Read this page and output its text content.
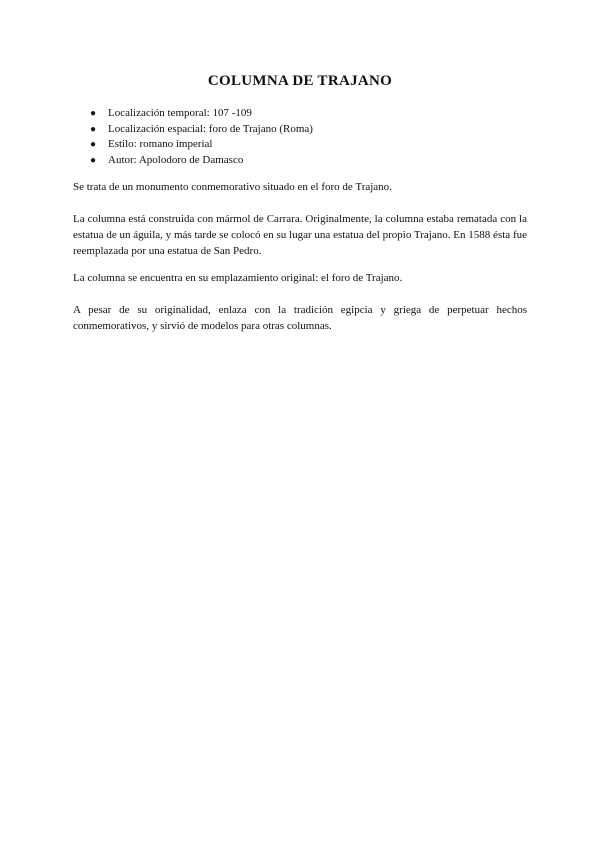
COLUMNA DE TRAJANO
● Localización temporal: 107 -109
● Localización espacial: foro de Trajano (Roma)
● Estilo: romano imperial
● Autor: Apolodoro de Damasco

Se trata de un monumento conmemorativo situado en el foro de Trajano.

La columna está construida con mármol de Carrara. Originalmente, la columna estaba rematada con la estatua de un águila, y más tarde se colocó en su lugar una estatua del propio Trajano. En 1588 ésta fue reemplazada por una estatua de San Pedro.

La columna se encuentra en su emplazamiento original: el foro de Trajano.

A pesar de su originalidad, enlaza con la tradición egipcia y griega de perpetuar hechos conmemorativos, y sirvió de modelos para otras columnas.
